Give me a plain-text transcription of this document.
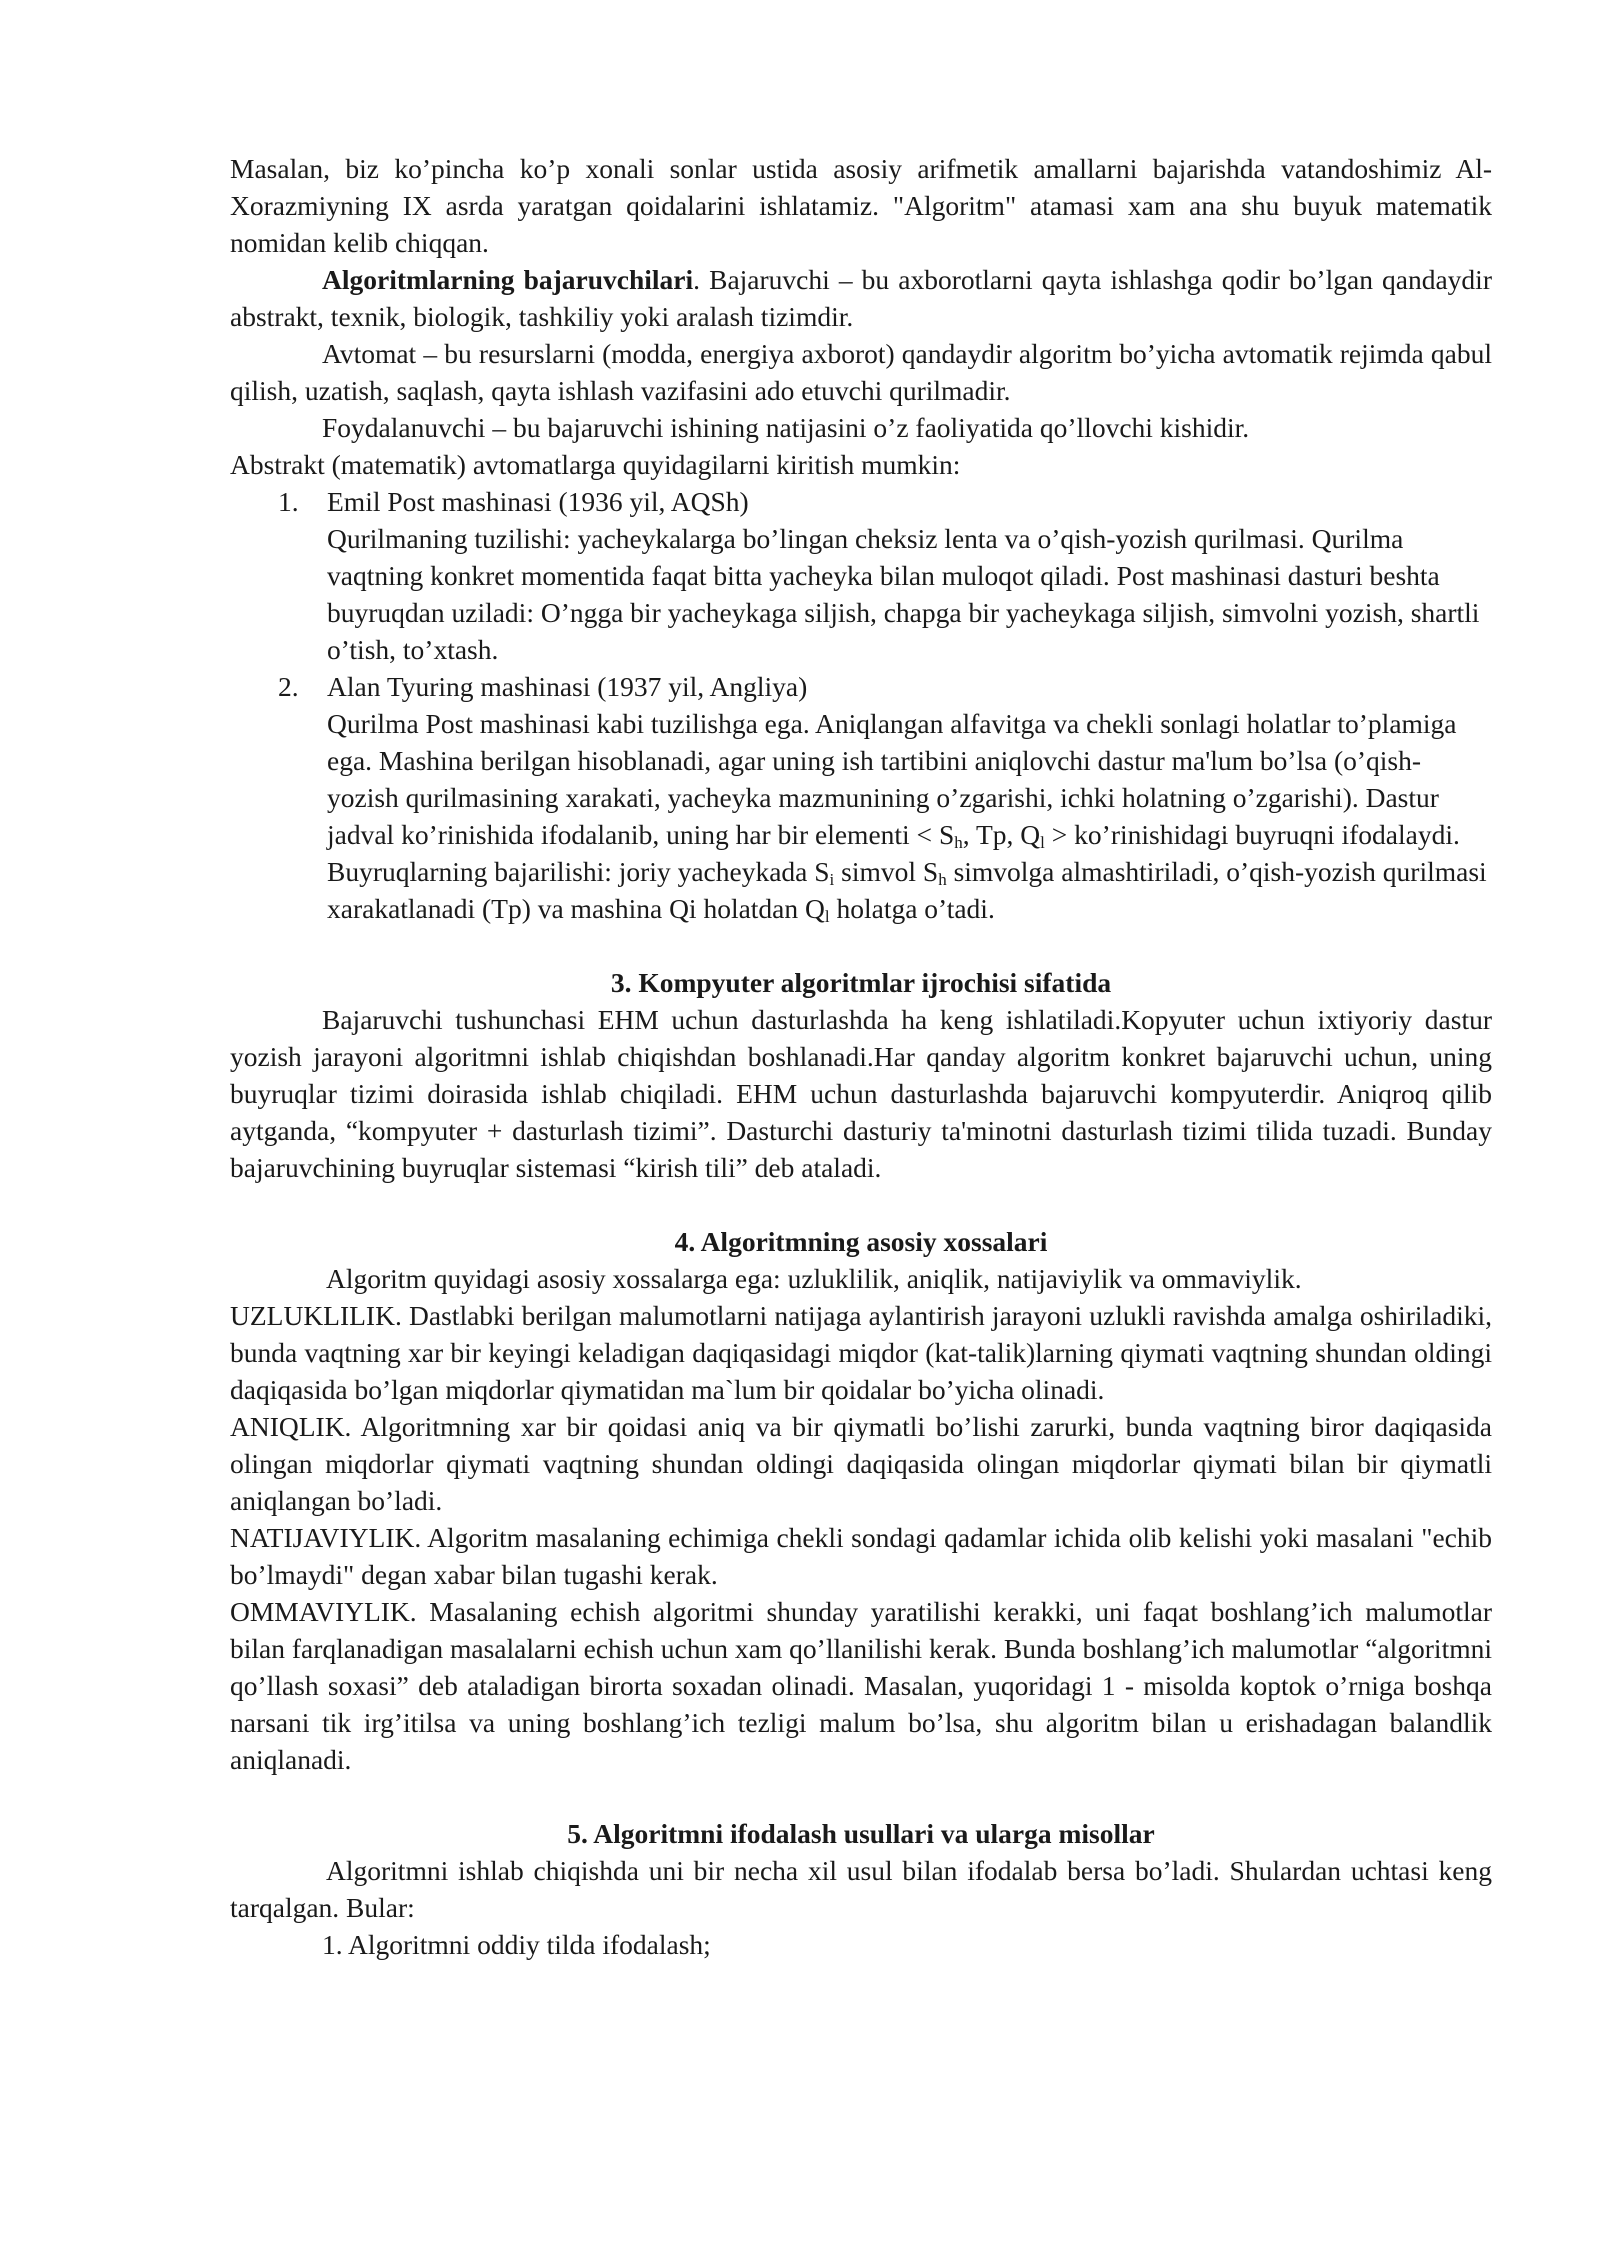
Masalan, biz ko’pincha ko’p xonali sonlar ustida asosiy arifmetik amallarni bajarishda vatandoshimiz Al-Xorazmiyning IX asrda yaratgan qoidalarini ishlatamiz. "Algoritm" atamasi xam ana shu buyuk matematik nomidan kelib chiqqan.

Algoritmlarning bajaruvchilari. Bajaruvchi – bu axborotlarni qayta ishlashga qodir bo’lgan qandaydir abstrakt, texnik, biologik, tashkiliy yoki aralash tizimdir.

Avtomat – bu resurslarni (modda, energiya axborot) qandaydir algoritm bo’yicha avtomatik rejimda qabul qilish, uzatish, saqlash, qayta ishlash vazifasini ado etuvchi qurilmadir.

Foydalanuvchi – bu bajaruvchi ishining natijasini o’z faoliyatida qo’llovchi kishidir.

Abstrakt (matematik) avtomatlarga quyidagilarni kiritish mumkin:

1. Emil Post mashinasi (1936 yil, AQSh)
Qurilmaning tuzilishi: yacheykalarga bo’lingan cheksiz lenta va o’qish-yozish qurilmasi. Qurilma vaqtning konkret momentida faqat bitta yacheyka bilan muloqot qiladi. Post mashinasi dasturi beshta buyruqdan uziladi: O’ngga bir yacheykaga siljish, chapga bir yacheykaga siljish, simvolni yozish, shartli o’tish, to’xtash.
2. Alan Tyuring mashinasi (1937 yil, Angliya)
Qurilma Post mashinasi kabi tuzilishga ega. Aniqlangan alfavitga va chekli sonlagi holatlar to’plamiga ega. Mashina berilgan hisoblanadi, agar uning ish tartibini aniqlovchi dastur ma'lum bo’lsa (o’qish-yozish qurilmasining xarakati, yacheyka mazmunining o’zgarishi, ichki holatning o’zgarishi). Dastur jadval ko’rinishida ifodalanib, uning har bir elementi < $S_h$, Tp, $Q_l$ > ko’rinishidagi buyruqni ifodalaydi. Buyruqlarning bajarilishi: joriy yacheykada $S_i$ simvol $S_h$ simvolga almashtiriladi, o’qish-yozish qurilmasi xarakatlanadi (Tp) va mashina Qi holatdan $Q_l$ holatga o’tadi.
3. Kompyuter algoritmlar ijrochisi sifatida

Bajaruvchi tushunchasi EHM uchun dasturlashda ha keng ishlatiladi.Kopyuter uchun ixtiyoriy dastur yozish jarayoni algoritmni ishlab chiqishdan boshlanadi.Har qanday algoritm konkret bajaruvchi uchun, uning buyruqlar tizimi doirasida ishlab chiqiladi. EHM uchun dasturlashda bajaruvchi kompyuterdir. Aniqroq qilib aytganda, “kompyuter + dasturlash tizimi”. Dasturchi dasturiy ta'minotni dasturlash tizimi tilida tuzadi. Bunday bajaruvchining buyruqlar sistemasi “kirish tili” deb ataladi.

4. Algoritmning asosiy xossalari

Algoritm quyidagi asosiy xossalarga ega: uzluklilik, aniqlik, natijaviylik va ommaviylik.

UZLUKLILIK. Dastlabki berilgan malumotlarni natijaga aylantirish jarayoni uzlukli ravishda amalga oshiriladiki, bunda vaqtning xar bir keyingi keladigan daqiqasidagi miqdor (kat-talik)larning qiymati vaqtning shundan oldingi daqiqasida bo’lgan miqdorlar qiymatidan ma`lum bir qoidalar bo’yicha olinadi.

ANIQLIK. Algoritmning xar bir qoidasi aniq va bir qiymatli bo’lishi zarurki, bunda vaqtning biror daqiqasida olingan miqdorlar qiymati vaqtning shundan oldingi daqiqasida olingan miqdorlar qiymati bilan bir qiymatli aniqlangan bo’ladi.

NATIJAVIYLIK. Algoritm masalaning echimiga chekli sondagi qadamlar ichida olib kelishi yoki masalani "echib bo’lmaydi" degan xabar bilan tugashi kerak.

OMMAVIYLIK. Masalaning echish algoritmi shunday yaratilishi kerakki, uni faqat boshlang’ich malumotlar bilan farqlanadigan masalalarni echish uchun xam qo’llanilishi kerak. Bunda boshlang’ich malumotlar “algoritmni qo’llash soxasi” deb ataladigan birorta soxadan olinadi. Masalan, yuqoridagi 1 - misolda koptok o’rniga boshqa narsani tik irg’itilsa va uning boshlang’ich tezligi malum bo’lsa, shu algoritm bilan u erishadagan balandlik aniqlanadi.

5. Algoritmni ifodalash usullari va ularga misollar

Algoritmni ishlab chiqishda uni bir necha xil usul bilan ifodalab bersa bo’ladi. Shulardan uchtasi keng tarqalgan. Bular:

1. Algoritmni oddiy tilda ifodalash;
